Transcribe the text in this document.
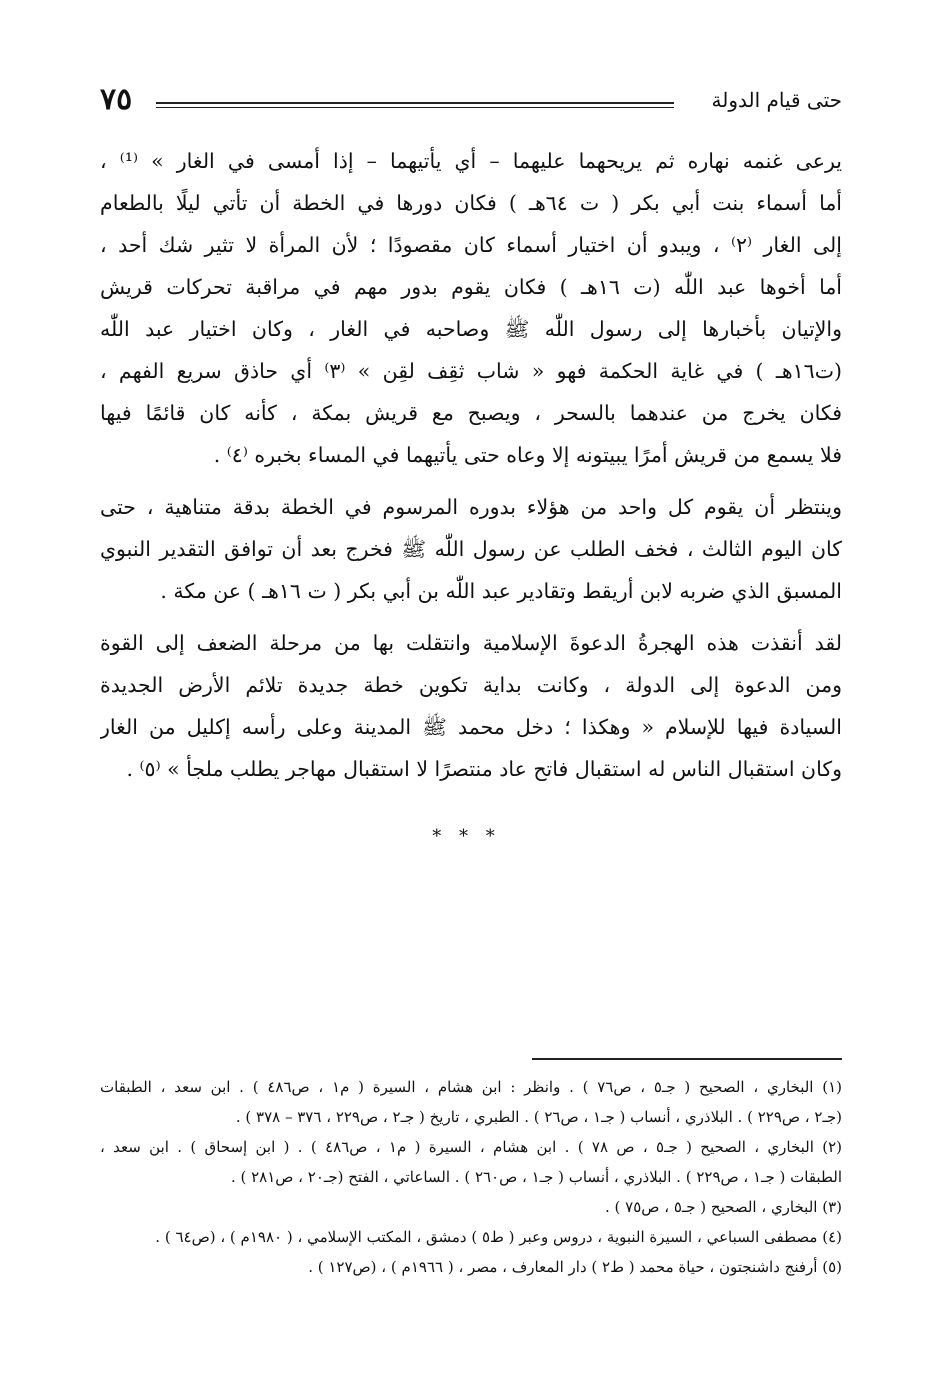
حتى قيام الدولة
٧٥
يرعى غنمه نهاره ثم يريحهما عليهما – أي يأتيهما – إذا أمسى في الغار » ⁽¹⁾ ،
أما أسماء بنت أبي بكر ( ت ٦٤هـ ) فكان دورها في الخطة أن تأتي ليلًا بالطعام
إلى الغار ⁽٢⁾ ، ويبدو أن اختيار أسماء كان مقصودًا ؛ لأن المرأة لا تثير شك أحد ،
أما أخوها عبد اللّٰه (ت ١٦هـ ) فكان يقوم بدور مهم في مراقبة تحركات قريش
والإتيان بأخبارها إلى رسول اللّٰه ﷺ وصاحبه في الغار ، وكان اختيار عبد اللّٰه
(ت١٦هـ ) في غاية الحكمة فهو « شاب ثقِف لقِن » ⁽٣⁾ أي حاذق سريع الفهم ،
فكان يخرج من عندهما بالسحر ، ويصبح مع قريش بمكة ، كأنه كان قائمًا فيها
فلا يسمع من قريش أمرًا يبيتونه إلا وعاه حتى يأتيهما في المساء بخبره ⁽٤⁾ .
وينتظر أن يقوم كل واحد من هؤلاء بدوره المرسوم في الخطة بدقة متناهية ، حتى
كان اليوم الثالث ، فخف الطلب عن رسول اللّٰه ﷺ فخرج بعد أن توافق التقدير النبوي
المسبق الذي ضربه لابن أريقط وتقادير عبد اللّٰه بن أبي بكر ( ت ١٦هـ ) عن مكة .
لقد أنقذت هذه الهجرةُ الدعوةَ الإسلامية وانتقلت بها من مرحلة الضعف إلى القوة
ومن الدعوة إلى الدولة ، وكانت بداية تكوين خطة جديدة تلائم الأرض الجديدة
السيادة فيها للإسلام « وهكذا ؛ دخل محمد ﷺ المدينة وعلى رأسه إكليل من الغار
وكان استقبال الناس له استقبال فاتح عاد منتصرًا لا استقبال مهاجر يطلب ملجأ » ⁽٥⁾ .
* * *
(١) البخاري ، الصحيح ( جـ٥ ، ص٧٦ ) . وانظر : ابن هشام ، السيرة ( م١ ، ص٤٨٦ ) . ابن سعد ، الطبقات
(جـ٢ ، ص٢٢٩ ) . البلاذري ، أنساب ( جـ١ ، ص٢٦ ) . الطبري ، تاريخ ( جـ٢ ، ص٢٢٩ ، ٣٧٦ – ٣٧٨ ) .
(٢) البخاري ، الصحيح ( جـ٥ ، ص ٧٨ ) . ابن هشام ، السيرة ( م١ ، ص٤٨٦ ) . ( ابن إسحاق ) . ابن سعد ،
الطبقات ( جـ١ ، ص٢٢٩ ) . البلاذري ، أنساب ( جـ١ ، ص٢٦٠ ) . الساعاتي ، الفتح (جـ٢٠ ، ص٢٨١ ) .
(٣) البخاري ، الصحيح ( جـ٥ ، ص٧٥ ) .
(٤) مصطفى السباعي ، السيرة النبوية ، دروس وعبر ( ط٥ ) دمشق ، المكتب الإسلامي ، ( ١٩٨٠م ) ، (ص٦٤ ) .
(٥) أرفنج داشنجتون ، حياة محمد ( ط٢ ) دار المعارف ، مصر ، ( ١٩٦٦م ) ، (ص١٢٧ ) .
